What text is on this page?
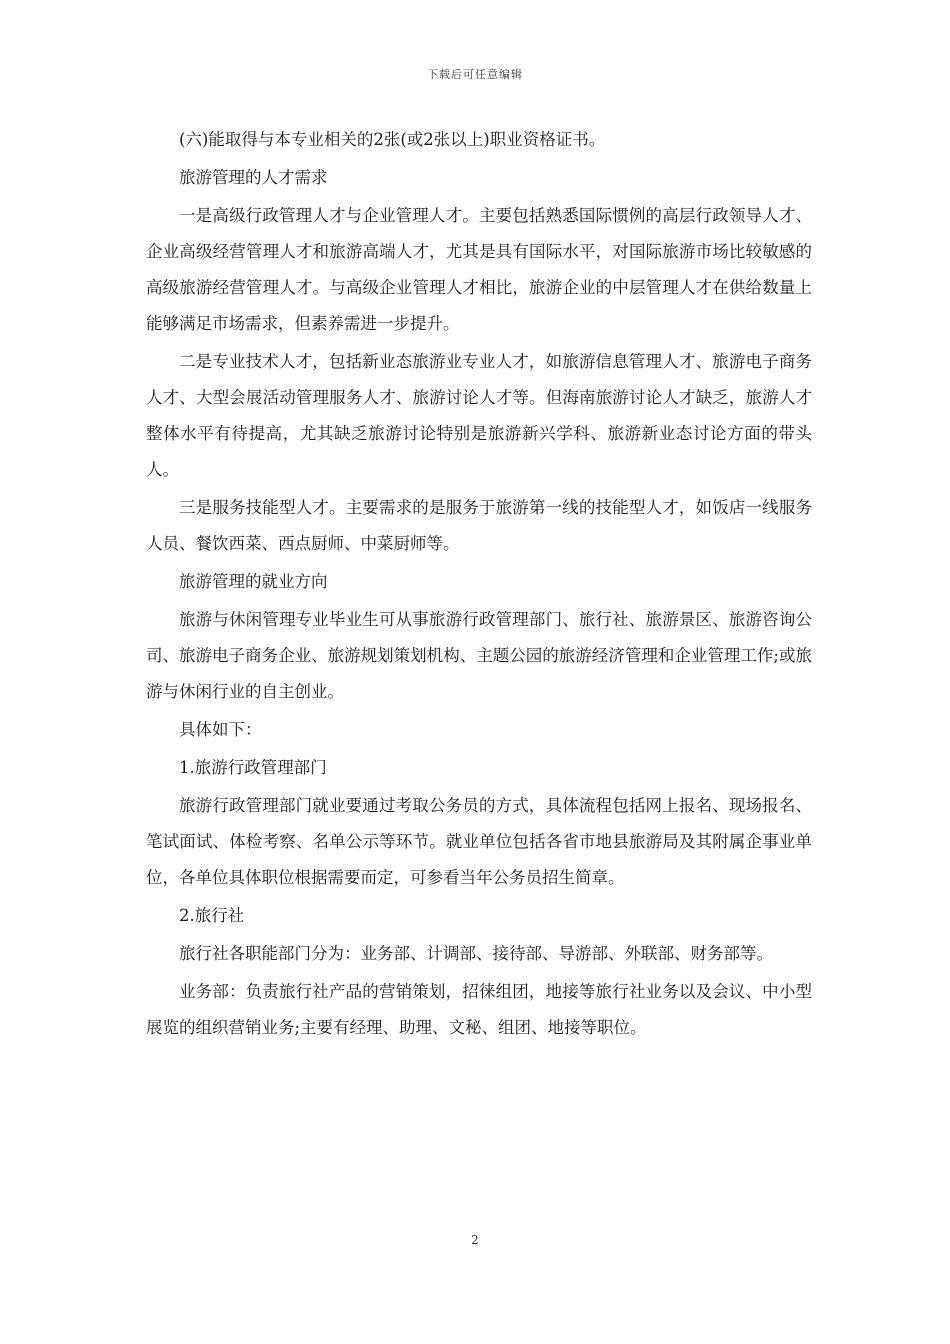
下载后可任意编辑

(六)能取得与本专业相关的2张(或2张以上)职业资格证书。

旅游管理的人才需求

一是高级行政管理人才与企业管理人才。主要包括熟悉国际惯例的高层行政领导人才、企业高级经营管理人才和旅游高端人才，尤其是具有国际水平，对国际旅游市场比较敏感的高级旅游经营管理人才。与高级企业管理人才相比，旅游企业的中层管理人才在供给数量上能够满足市场需求，但素养需进一步提升。

二是专业技术人才，包括新业态旅游业专业人才，如旅游信息管理人才、旅游电子商务人才、大型会展活动管理服务人才、旅游讨论人才等。但海南旅游讨论人才缺乏，旅游人才整体水平有待提高，尤其缺乏旅游讨论特别是旅游新兴学科、旅游新业态讨论方面的带头人。

三是服务技能型人才。主要需求的是服务于旅游第一线的技能型人才，如饭店一线服务人员、餐饮西菜、西点厨师、中菜厨师等。

旅游管理的就业方向

旅游与休闲管理专业毕业生可从事旅游行政管理部门、旅行社、旅游景区、旅游咨询公司、旅游电子商务企业、旅游规划策划机构、主题公园的旅游经济管理和企业管理工作;或旅游与休闲行业的自主创业。

具体如下：

1.旅游行政管理部门

旅游行政管理部门就业要通过考取公务员的方式，具体流程包括网上报名、现场报名、笔试面试、体检考察、名单公示等环节。就业单位包括各省市地县旅游局及其附属企事业单位，各单位具体职位根据需要而定，可参看当年公务员招生简章。

2.旅行社

旅行社各职能部门分为：业务部、计调部、接待部、导游部、外联部、财务部等。

业务部：负责旅行社产品的营销策划，招徕组团，地接等旅行社业务以及会议、中小型展览的组织营销业务;主要有经理、助理、文秘、组团、地接等职位。

2
